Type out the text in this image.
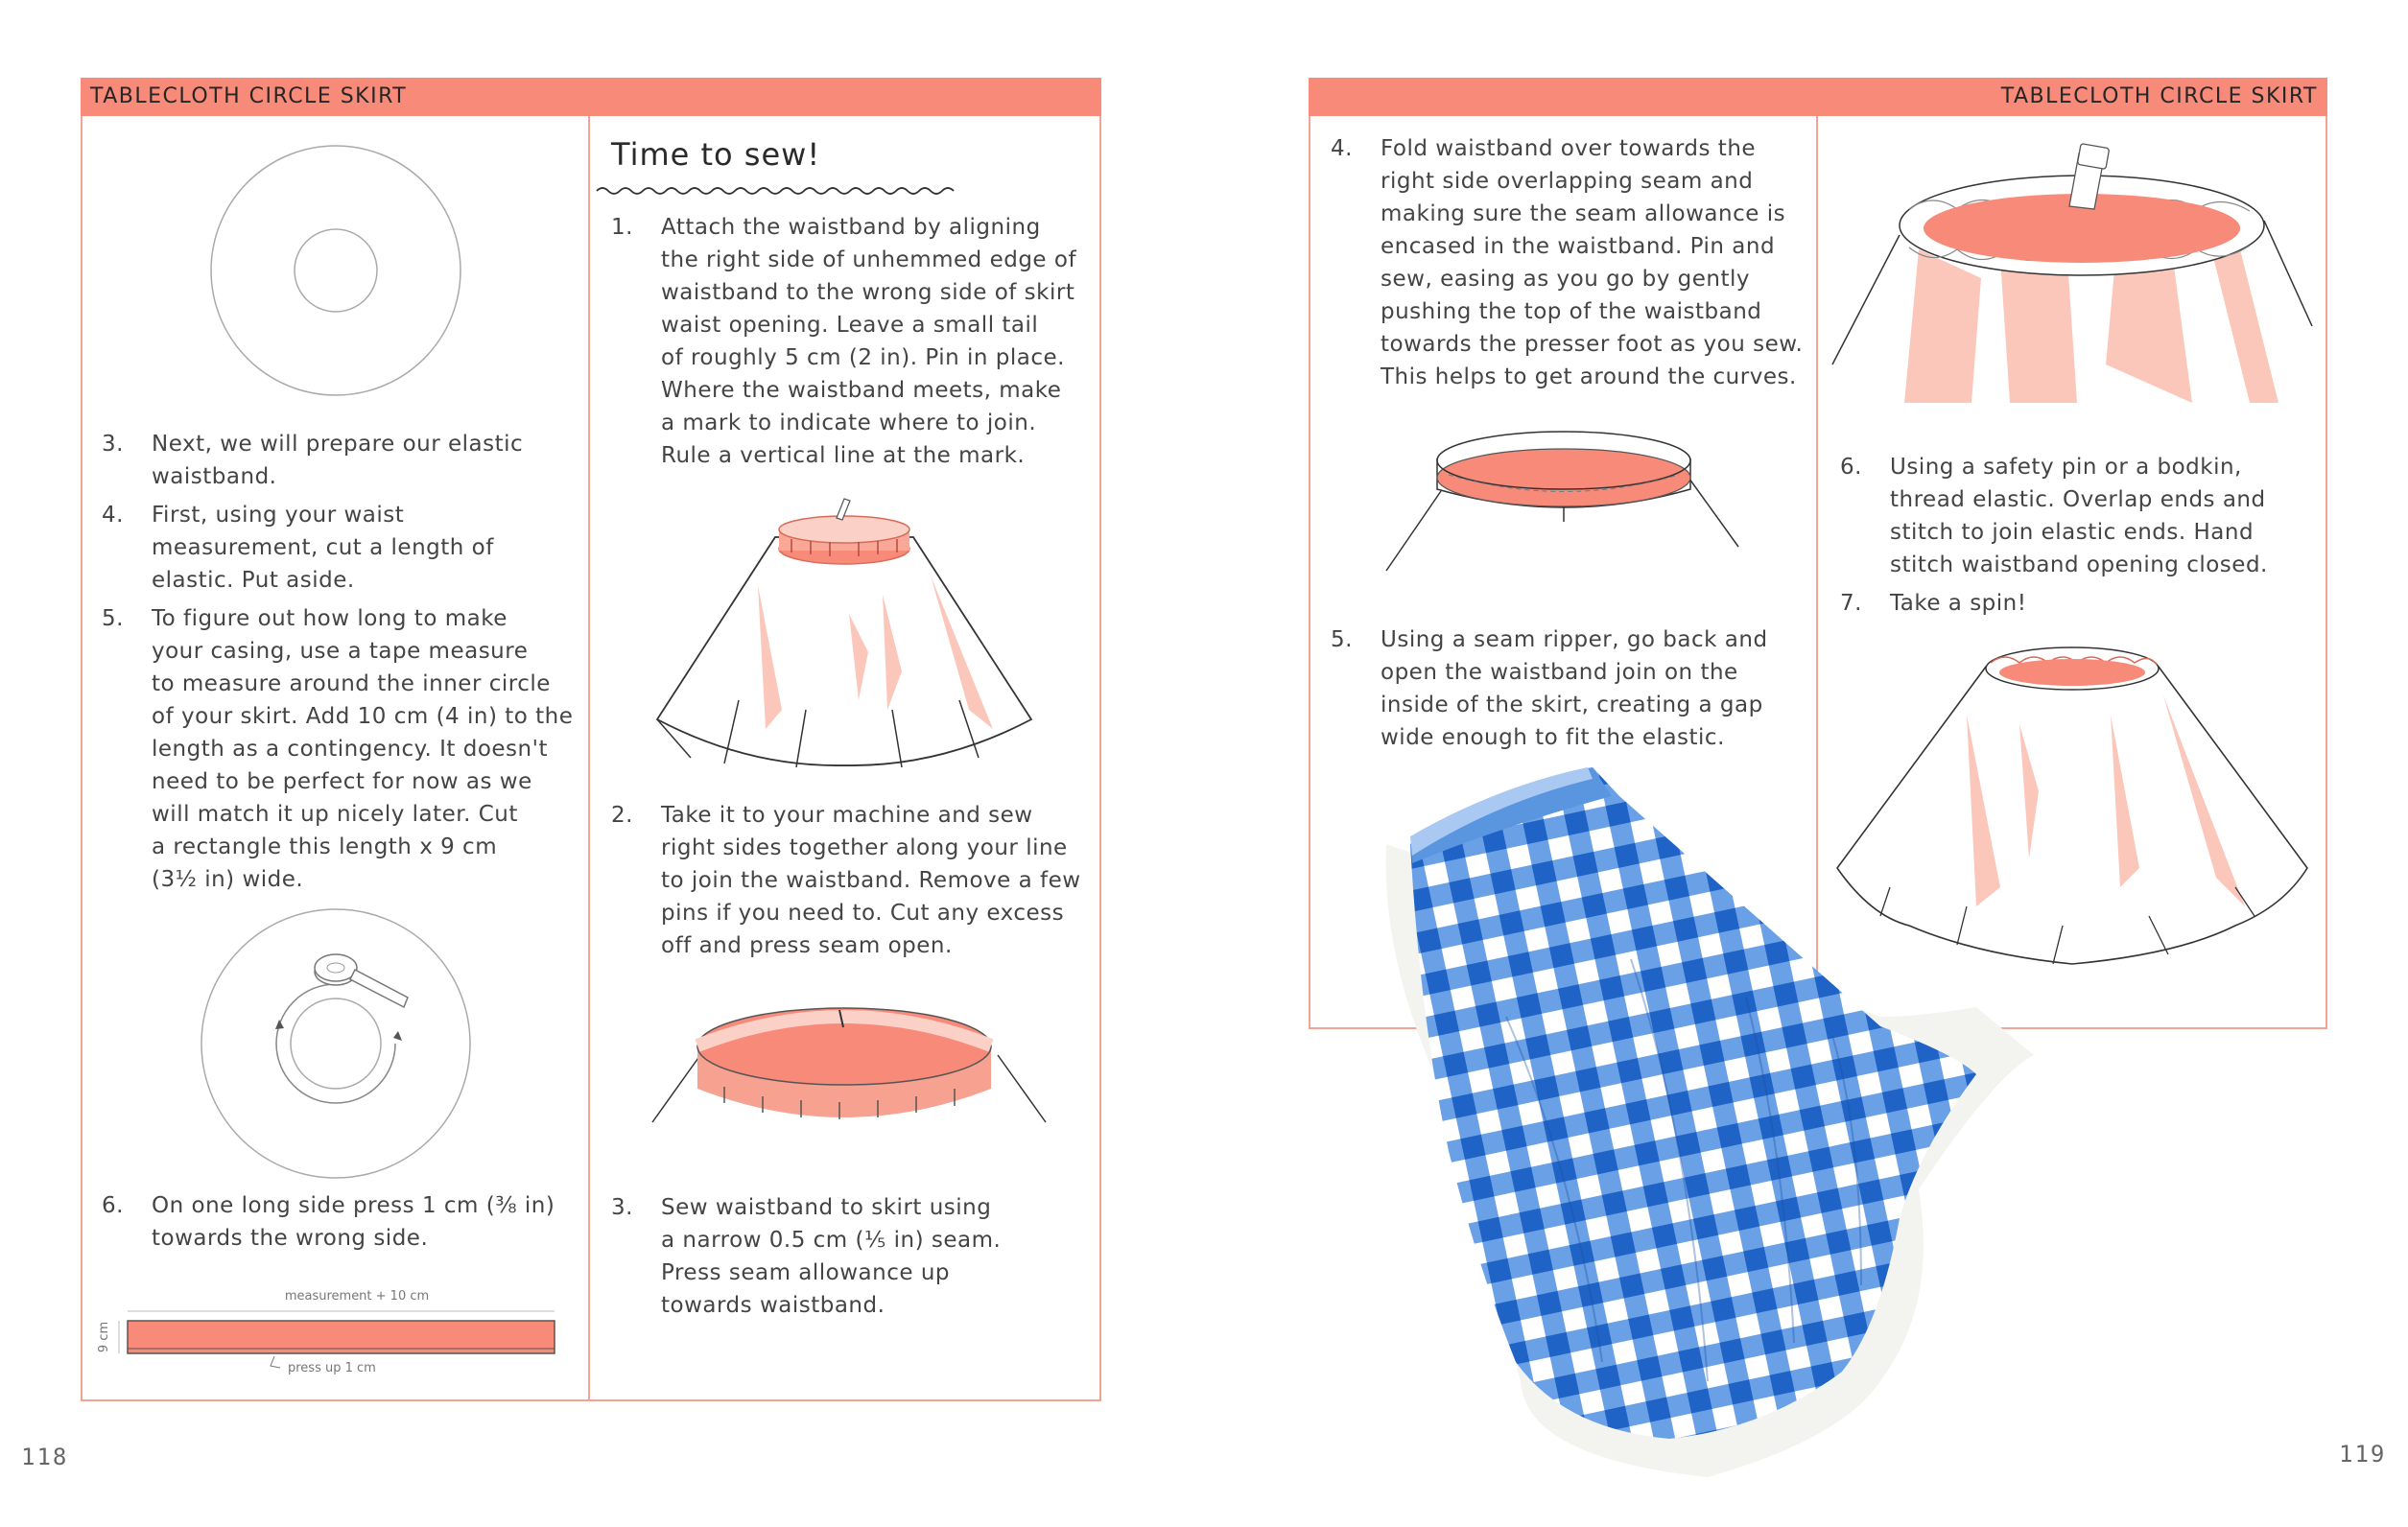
TABLECLOTH CIRCLE SKIRT
3. Next, we will prepare our elastic
waistband.
4. First, using your waist
measurement, cut a length of
elastic. Put aside.
5. To figure out how long to make
your casing, use a tape measure
to measure around the inner circle
of your skirt. Add 10 cm (4 in) to the
length as a contingency. It doesn't
need to be perfect for now as we
will match it up nicely later. Cut
a rectangle this length x 9 cm
(3½ in) wide.
6. On one long side press 1 cm (⅜ in)
towards the wrong side.
measurement + 10 cm
9 cm
press up 1 cm
Time to sew!
1. Attach the waistband by aligning
the right side of unhemmed edge of
waistband to the wrong side of skirt
waist opening. Leave a small tail
of roughly 5 cm (2 in). Pin in place.
Where the waistband meets, make
a mark to indicate where to join.
Rule a vertical line at the mark.
2. Take it to your machine and sew
right sides together along your line
to join the waistband. Remove a few
pins if you need to. Cut any excess
off and press seam open.
3. Sew waistband to skirt using
a narrow 0.5 cm (⅕ in) seam.
Press seam allowance up
towards waistband.
118
TABLECLOTH CIRCLE SKIRT
4. Fold waistband over towards the
right side overlapping seam and
making sure the seam allowance is
encased in the waistband. Pin and
sew, easing as you go by gently
pushing the top of the waistband
towards the presser foot as you sew.
This helps to get around the curves.
5. Using a seam ripper, go back and
open the waistband join on the
inside of the skirt, creating a gap
wide enough to fit the elastic.
6. Using a safety pin or a bodkin,
thread elastic. Overlap ends and
stitch to join elastic ends. Hand
stitch waistband opening closed.
7. Take a spin!
119
